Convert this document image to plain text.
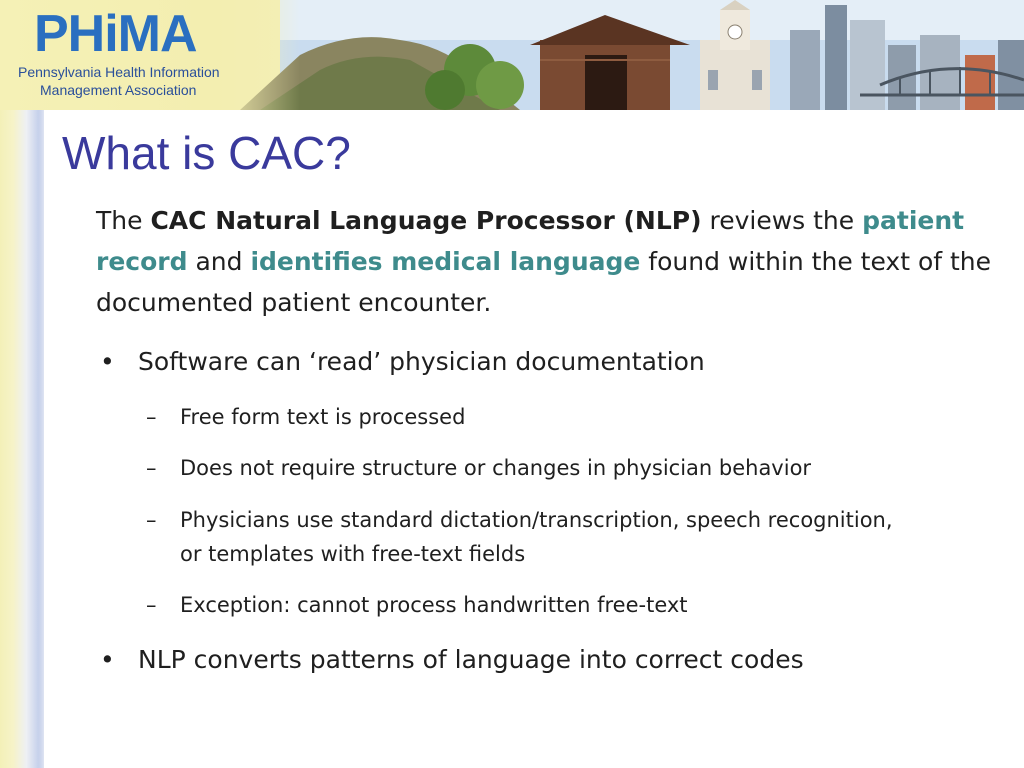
PHiMA
Pennsylvania Health Information
Management Association
What is CAC?

The CAC Natural Language Processor (NLP) reviews the patient record and identifies medical language found within the text of the documented patient encounter.

• Software can ‘read’ physician documentation
– Free form text is processed
– Does not require structure or changes in physician behavior
– Physicians use standard dictation/transcription, speech recognition, or templates with free-text fields
– Exception: cannot process handwritten free-text
• NLP converts patterns of language into correct codes
